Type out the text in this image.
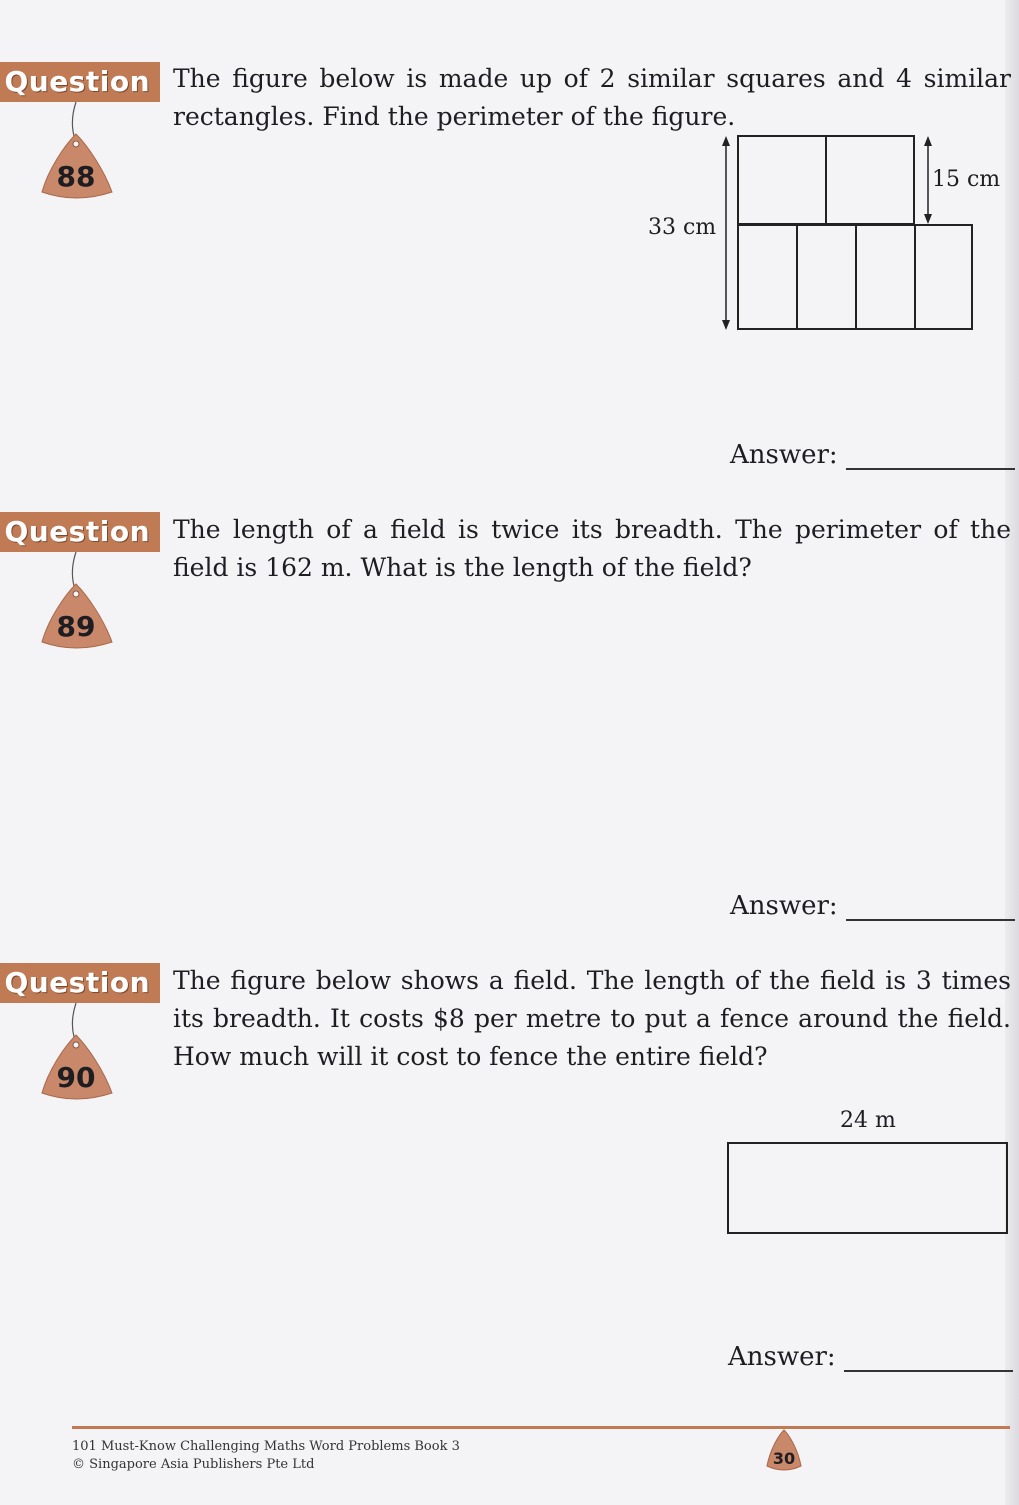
Question
88
The figure below is made up of 2 similar squares and 4 similar rectangles. Find the perimeter of the figure.
33 cm
15 cm
Answer:
Question
89
The length of a field is twice its breadth. The perimeter of the field is 162 m. What is the length of the field?
Answer:
Question
90
The figure below shows a field. The length of the field is 3 times its breadth. It costs $8 per metre to put a fence around the field. How much will it cost to fence the entire field?
24 m
Answer:
101 Must-Know Challenging Maths Word Problems Book 3
© Singapore Asia Publishers Pte Ltd	30
